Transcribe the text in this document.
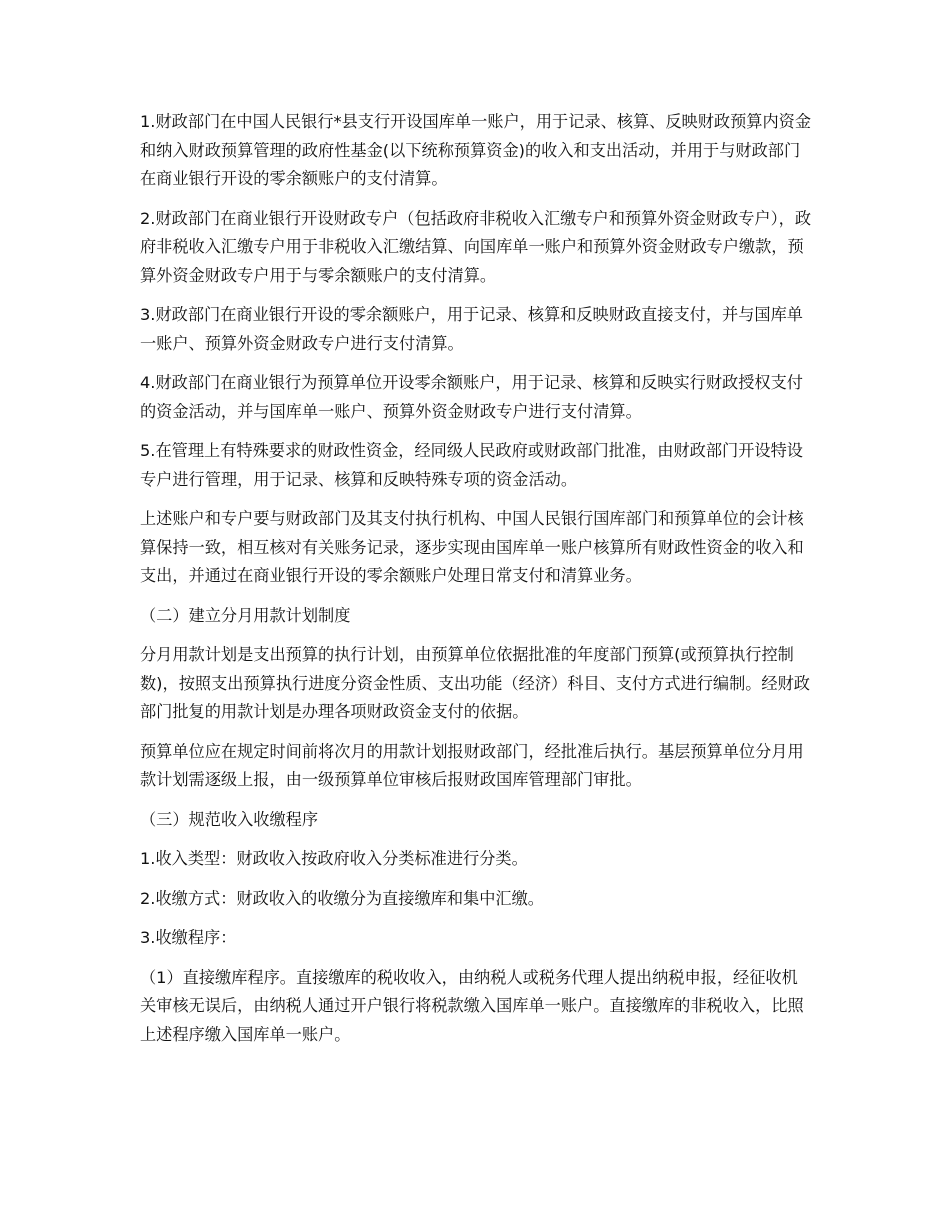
1.财政部门在中国人民银行*县支行开设国库单一账户，用于记录、核算、反映财政预算内资金和纳入财政预算管理的政府性基金(以下统称预算资金)的收入和支出活动，并用于与财政部门在商业银行开设的零余额账户的支付清算。

2.财政部门在商业银行开设财政专户（包括政府非税收入汇缴专户和预算外资金财政专户），政府非税收入汇缴专户用于非税收入汇缴结算、向国库单一账户和预算外资金财政专户缴款，预算外资金财政专户用于与零余额账户的支付清算。

3.财政部门在商业银行开设的零余额账户，用于记录、核算和反映财政直接支付，并与国库单一账户、预算外资金财政专户进行支付清算。

4.财政部门在商业银行为预算单位开设零余额账户，用于记录、核算和反映实行财政授权支付的资金活动，并与国库单一账户、预算外资金财政专户进行支付清算。

5.在管理上有特殊要求的财政性资金，经同级人民政府或财政部门批准，由财政部门开设特设专户进行管理，用于记录、核算和反映特殊专项的资金活动。

上述账户和专户要与财政部门及其支付执行机构、中国人民银行国库部门和预算单位的会计核算保持一致，相互核对有关账务记录，逐步实现由国库单一账户核算所有财政性资金的收入和支出，并通过在商业银行开设的零余额账户处理日常支付和清算业务。

（二）建立分月用款计划制度

分月用款计划是支出预算的执行计划，由预算单位依据批准的年度部门预算(或预算执行控制数)，按照支出预算执行进度分资金性质、支出功能（经济）科目、支付方式进行编制。经财政部门批复的用款计划是办理各项财政资金支付的依据。

预算单位应在规定时间前将次月的用款计划报财政部门，经批准后执行。基层预算单位分月用款计划需逐级上报，由一级预算单位审核后报财政国库管理部门审批。

（三）规范收入收缴程序

1.收入类型：财政收入按政府收入分类标准进行分类。

2.收缴方式：财政收入的收缴分为直接缴库和集中汇缴。

3.收缴程序：

（1）直接缴库程序。直接缴库的税收收入，由纳税人或税务代理人提出纳税申报，经征收机关审核无误后，由纳税人通过开户银行将税款缴入国库单一账户。直接缴库的非税收入，比照上述程序缴入国库单一账户。
